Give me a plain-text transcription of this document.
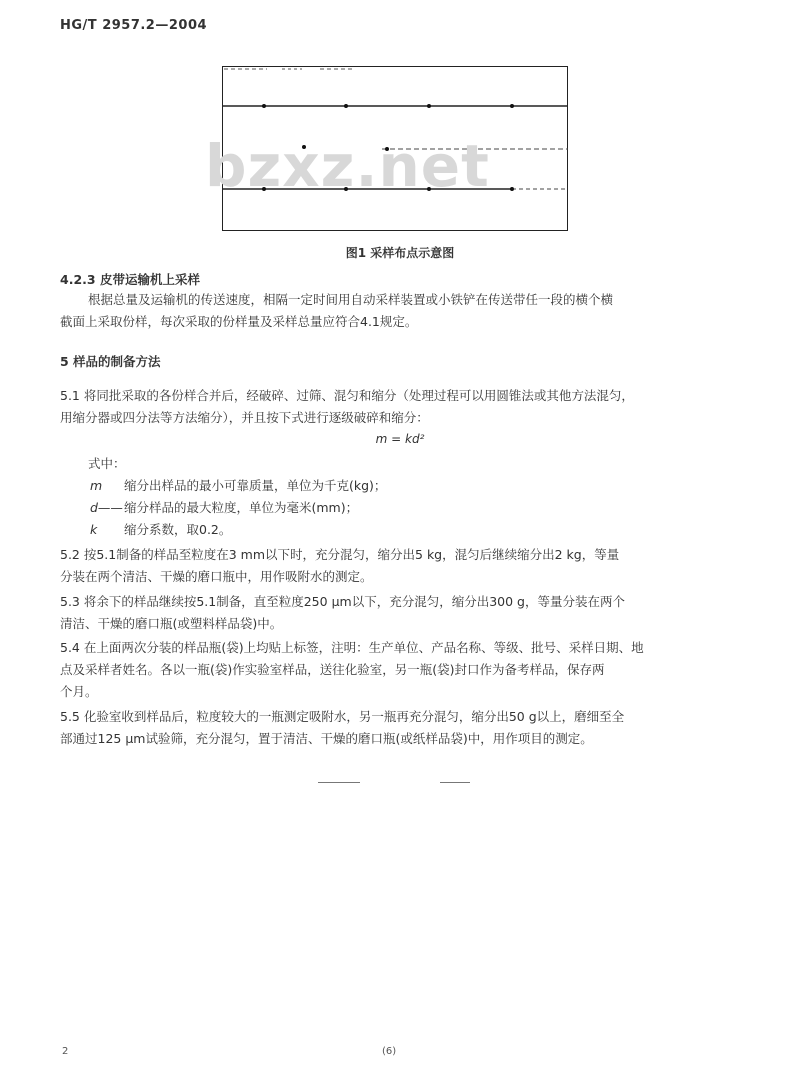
HG/T 2957.2—2004
bzxz.net
图1 采样布点示意图
4.2.3 皮带运输机上采样
根据总量及运输机的传送速度，相隔一定时间用自动采样装置或小铁铲在传送带任一段的横个横
截面上采取份样，每次采取的份样量及采样总量应符合4.1规定。
5 样品的制备方法
5.1 将同批采取的各份样合并后，经破碎、过筛、混匀和缩分（处理过程可以用圆锥法或其他方法混匀，
用缩分器或四分法等方法缩分），并且按下式进行逐级破碎和缩分：
m = kd²
式中：
m 缩分出样品的最小可靠质量，单位为千克(kg)；
d—— 缩分样品的最大粒度，单位为毫米(mm)；
k 缩分系数，取0.2。
5.2 按5.1制备的样品至粒度在3 mm以下时，充分混匀，缩分出5 kg，混匀后继续缩分出2 kg，等量
分装在两个清洁、干燥的磨口瓶中，用作吸附水的测定。
5.3 将余下的样品继续按5.1制备，直至粒度250 μm以下，充分混匀，缩分出300 g，等量分装在两个
清洁、干燥的磨口瓶(或塑料样品袋)中。
5.4 在上面两次分装的样品瓶(袋)上均贴上标签，注明：生产单位、产品名称、等级、批号、采样日期、地
点及采样者姓名。各以一瓶(袋)作实验室样品，送往化验室，另一瓶(袋)封口作为备考样品，保存两
个月。
5.5 化验室收到样品后，粒度较大的一瓶测定吸附水，另一瓶再充分混匀，缩分出50 g以上，磨细至全
部通过125 μm试验筛，充分混匀，置于清洁、干燥的磨口瓶(或纸样品袋)中，用作项目的测定。
2	(6)
